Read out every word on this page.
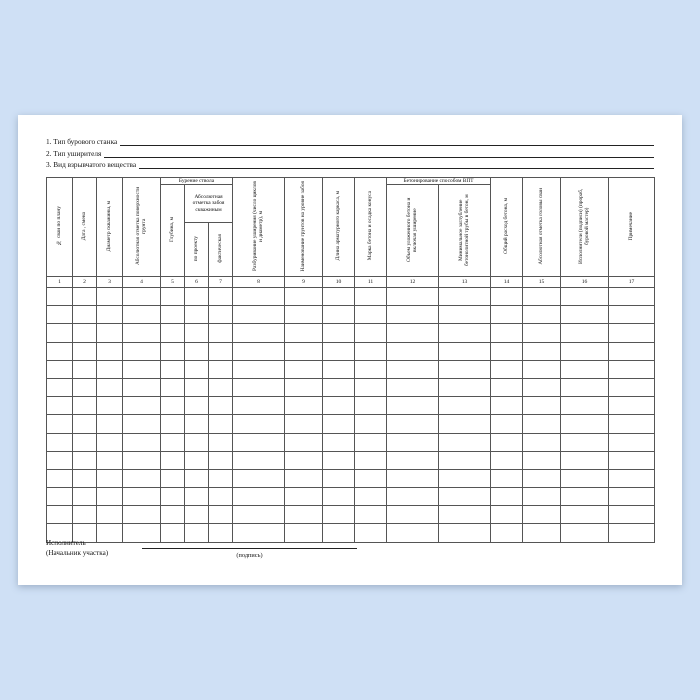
1. Тип бурового станка
2. Тип уширителя
3. Вид взрывчатого вещества
№ сваи по плану	Дата , смена	Диаметр скважины, м	Абсолютная отметка поверхности грунта	Бурение ствола			Разбуривание уширения (число циклов и диаметр), м	Наименование грунтов на уровне забоя	Длина арматурного каркаса, м	Марка бетона и осадка конуса	Бетонирование способом ВПТ		Общий расход бетона, м	Абсолютная отметка головы сваи	Исполнители (подписи) (прораб, буровой мастер)	Примечание
				Глубина, м	Абсолютная отметка забоя скважиным						Объем уложенного бетона и включая уширение	Минимальное заглубление бетонолитной трубы в бетон, м				
					по проекту	фактическая										
1	2	3	4	5	6	7	8	9	10	11	12	13	14	15	16	17

Исполнитель
(Начальник участка)	(подпись)
